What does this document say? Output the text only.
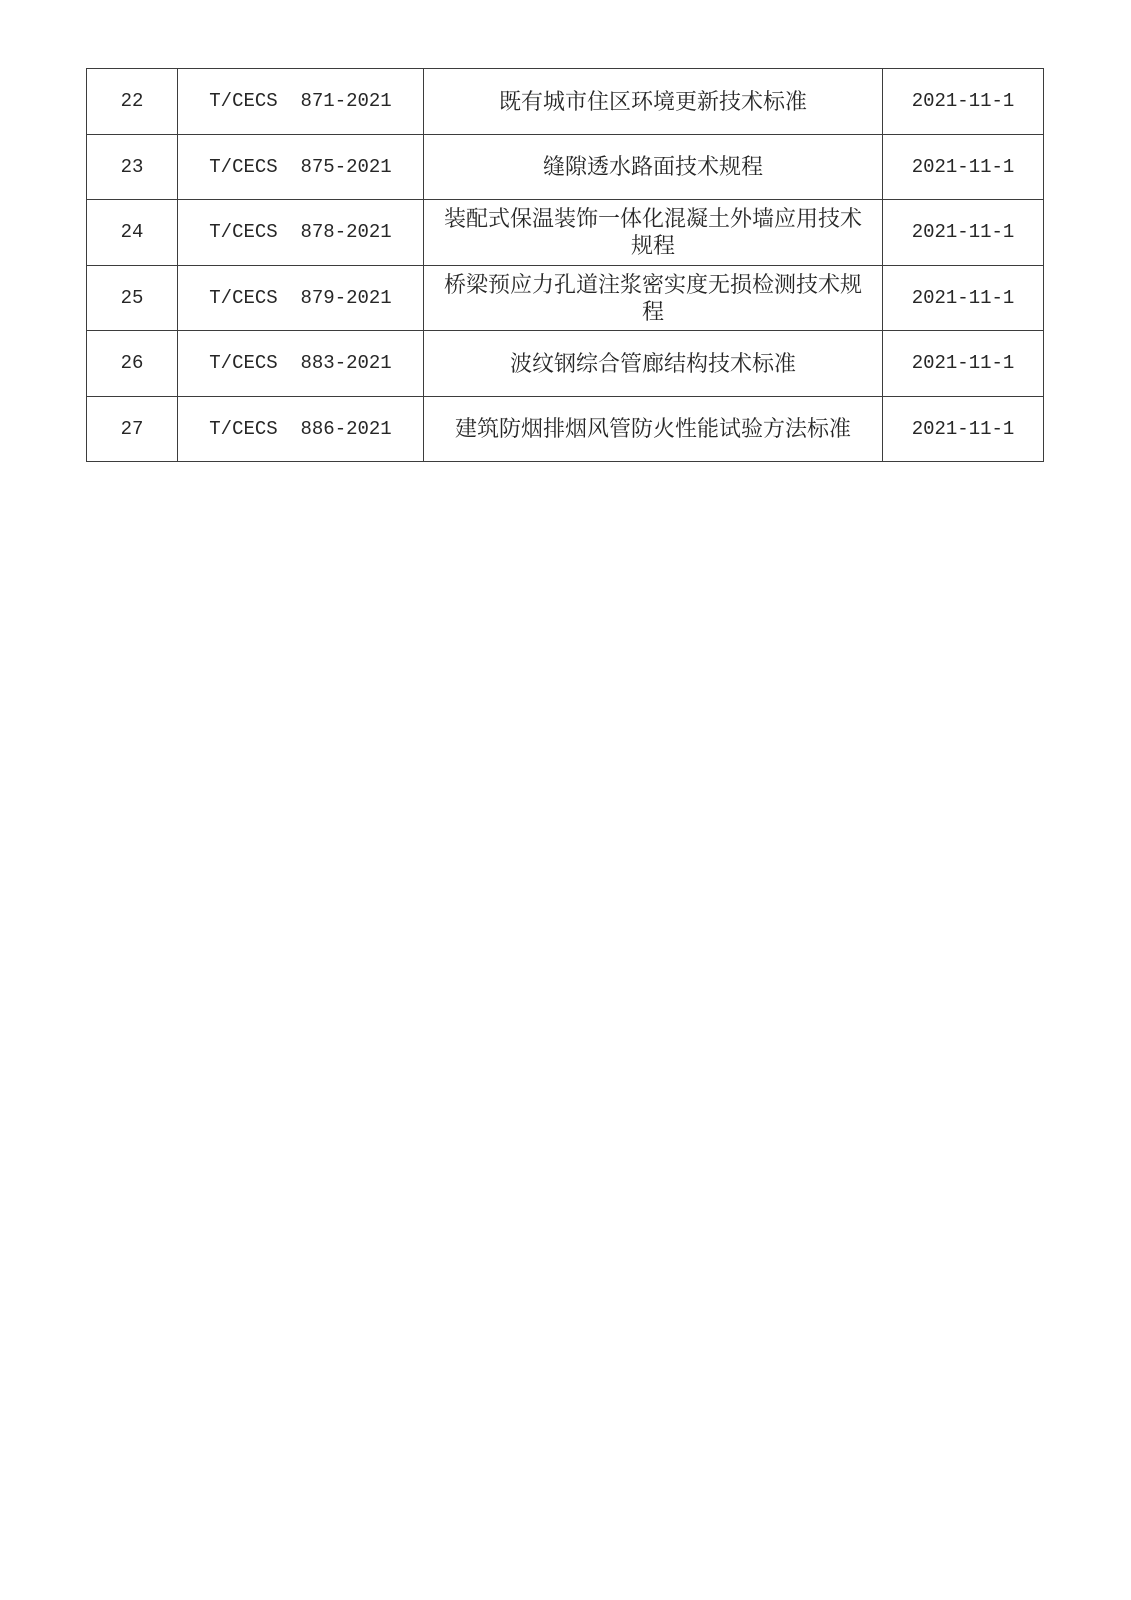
22	T/CECS  871-2021	既有城市住区环境更新技术标准	2021-11-1
23	T/CECS  875-2021	缝隙透水路面技术规程	2021-11-1
24	T/CECS  878-2021	装配式保温装饰一体化混凝土外墙应用技术规程	2021-11-1
25	T/CECS  879-2021	桥梁预应力孔道注浆密实度无损检测技术规程	2021-11-1
26	T/CECS  883-2021	波纹钢综合管廊结构技术标准	2021-11-1
27	T/CECS  886-2021	建筑防烟排烟风管防火性能试验方法标准	2021-11-1
